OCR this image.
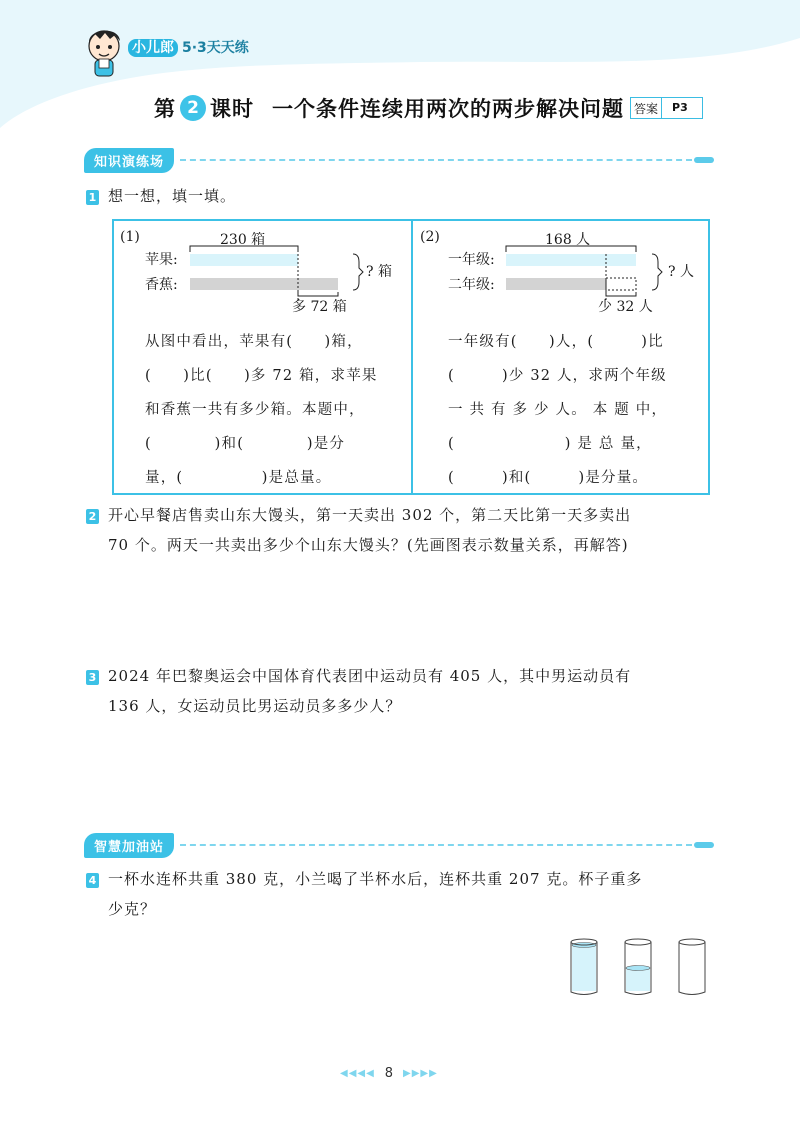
小儿郎 5·3天天练
第 2 课时 一个条件连续用两次的两步解决问题 答案	P3
知识演练场
1 想一想，填一填。
(1)	230 箱
苹果:
香蕉:
? 箱
多 72 箱
从图中看出，苹果有(　　)箱，
(　　)比(　　)多 72 箱，求苹果
和香蕉一共有多少箱。本题中，
(　　　　)和(　　　　)是分
量，(　　　　　)是总量。
(2)	168 人
一年级:
二年级:
? 人
少 32 人
一年级有(　　)人，(　　　)比
(　　　)少 32 人，求两个年级
一 共 有 多 少 人。 本 题 中，
(　　　　　　　) 是 总 量，
(　　　)和(　　　)是分量。
2 开心早餐店售卖山东大馒头，第一天卖出 302 个，第二天比第一天多卖出
70 个。两天一共卖出多少个山东大馒头？(先画图表示数量关系，再解答)
3 2024 年巴黎奥运会中国体育代表团中运动员有 405 人，其中男运动员有
136 人，女运动员比男运动员多多少人？
智慧加油站
4 一杯水连杯共重 380 克，小兰喝了半杯水后，连杯共重 207 克。杯子重多
少克？
◀◀◀◀ 8 ▶▶▶▶
